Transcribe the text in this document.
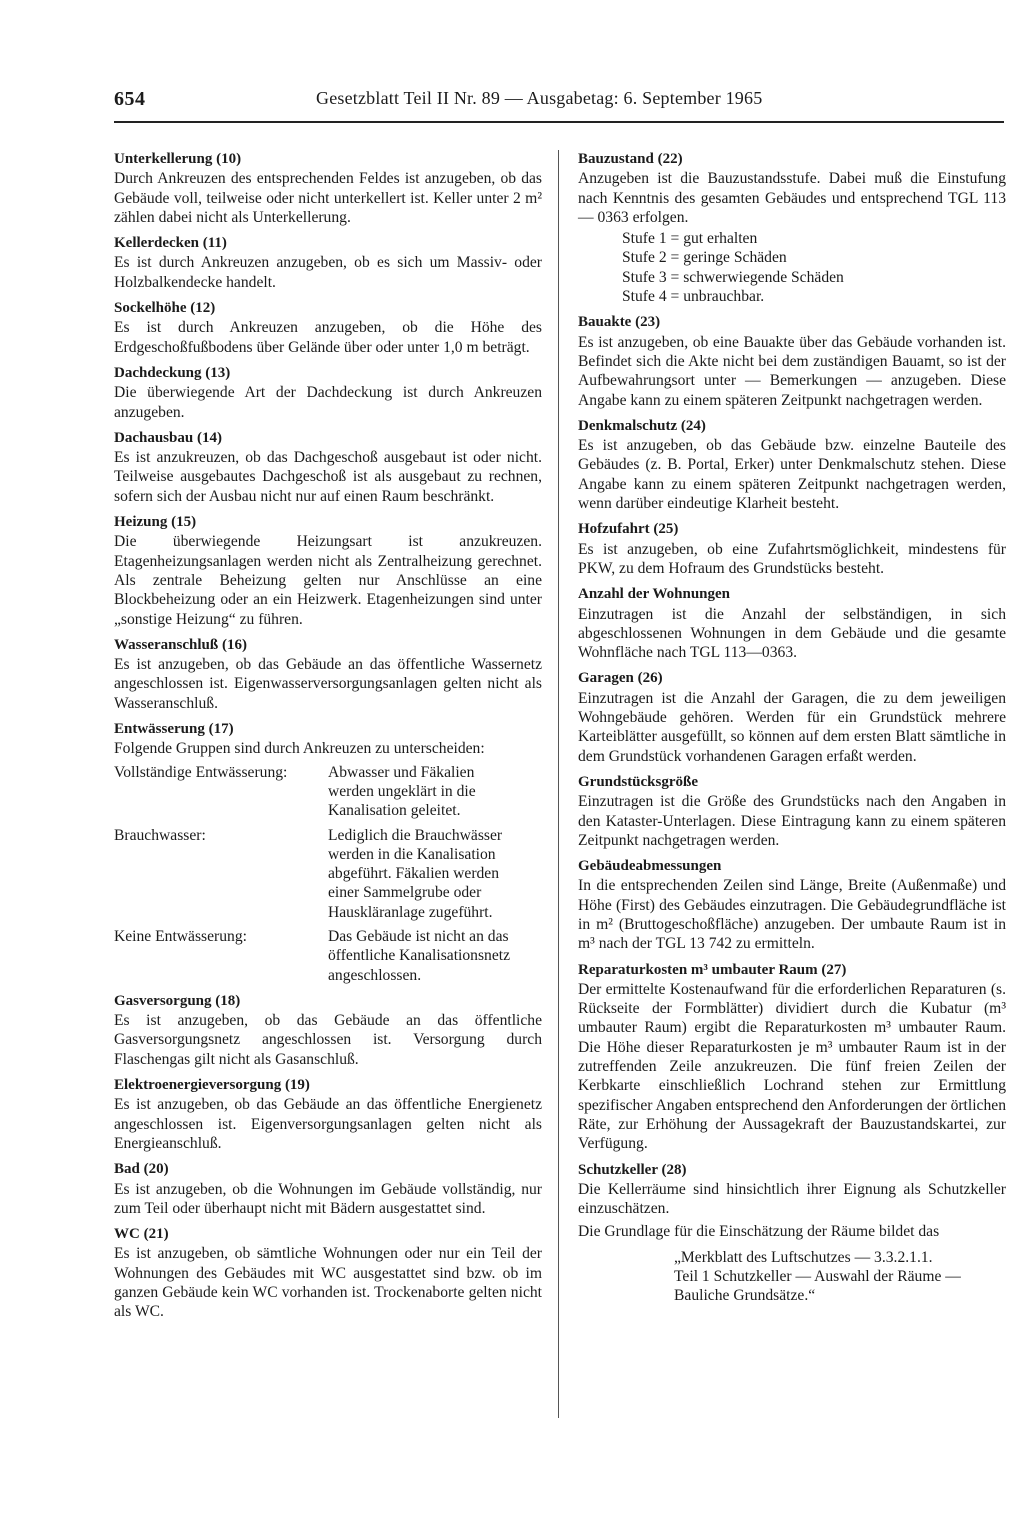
654	Gesetzblatt Teil II Nr. 89 — Ausgabetag: 6. September 1965

Unterkellerung (10)

Durch Ankreuzen des entsprechenden Feldes ist anzugeben, ob das Gebäude voll, teilweise oder nicht unterkellert ist. Keller unter 2 m² zählen dabei nicht als Unterkellerung.

Kellerdecken (11)

Es ist durch Ankreuzen anzugeben, ob es sich um Massiv- oder Holzbalkendecke handelt.

Sockelhöhe (12)

Es ist durch Ankreuzen anzugeben, ob die Höhe des Erdgeschoßfußbodens über Gelände über oder unter 1,0 m beträgt.

Dachdeckung (13)

Die überwiegende Art der Dachdeckung ist durch Ankreuzen anzugeben.

Dachausbau (14)

Es ist anzukreuzen, ob das Dachgeschoß ausgebaut ist oder nicht. Teilweise ausgebautes Dachgeschoß ist als ausgebaut zu rechnen, sofern sich der Ausbau nicht nur auf einen Raum beschränkt.

Heizung (15)

Die überwiegende Heizungsart ist anzukreuzen. Etagenheizungsanlagen werden nicht als Zentralheizung gerechnet. Als zentrale Beheizung gelten nur Anschlüsse an eine Blockbeheizung oder an ein Heizwerk. Etagenheizungen sind unter „sonstige Heizung“ zu führen.

Wasseranschluß (16)

Es ist anzugeben, ob das Gebäude an das öffentliche Wassernetz angeschlossen ist. Eigenwasserversorgungsanlagen gelten nicht als Wasseranschluß.

Entwässerung (17)

Folgende Gruppen sind durch Ankreuzen zu unterscheiden:

Vollständige Entwässerung:	Abwasser und Fäkalien werden ungeklärt in die Kanalisation geleitet.
Brauchwasser:	Lediglich die Brauchwässer werden in die Kanalisation abgeführt. Fäkalien werden einer Sammelgrube oder Hauskläranlage zugeführt.
Keine Entwässerung:	Das Gebäude ist nicht an das öffentliche Kanalisationsnetz angeschlossen.

Gasversorgung (18)

Es ist anzugeben, ob das Gebäude an das öffentliche Gasversorgungsnetz angeschlossen ist. Versorgung durch Flaschengas gilt nicht als Gasanschluß.

Elektroenergieversorgung (19)

Es ist anzugeben, ob das Gebäude an das öffentliche Energienetz angeschlossen ist. Eigenversorgungsanlagen gelten nicht als Energieanschluß.

Bad (20)

Es ist anzugeben, ob die Wohnungen im Gebäude vollständig, nur zum Teil oder überhaupt nicht mit Bädern ausgestattet sind.

WC (21)

Es ist anzugeben, ob sämtliche Wohnungen oder nur ein Teil der Wohnungen des Gebäudes mit WC ausgestattet sind bzw. ob im ganzen Gebäude kein WC vorhanden ist. Trockenaborte gelten nicht als WC.

Bauzustand (22)

Anzugeben ist die Bauzustandsstufe. Dabei muß die Einstufung nach Kenntnis des gesamten Gebäudes und entsprechend TGL 113 — 0363 erfolgen.

Stufe 1 = gut erhalten

Stufe 2 = geringe Schäden

Stufe 3 = schwerwiegende Schäden

Stufe 4 = unbrauchbar.

Bauakte (23)

Es ist anzugeben, ob eine Bauakte über das Gebäude vorhanden ist. Befindet sich die Akte nicht bei dem zuständigen Bauamt, so ist der Aufbewahrungsort unter — Bemerkungen — anzugeben. Diese Angabe kann zu einem späteren Zeitpunkt nachgetragen werden.

Denkmalschutz (24)

Es ist anzugeben, ob das Gebäude bzw. einzelne Bauteile des Gebäudes (z. B. Portal, Erker) unter Denkmalschutz stehen. Diese Angabe kann zu einem späteren Zeitpunkt nachgetragen werden, wenn darüber eindeutige Klarheit besteht.

Hofzufahrt (25)

Es ist anzugeben, ob eine Zufahrtsmöglichkeit, mindestens für PKW, zu dem Hofraum des Grundstücks besteht.

Anzahl der Wohnungen

Einzutragen ist die Anzahl der selbständigen, in sich abgeschlossenen Wohnungen in dem Gebäude und die gesamte Wohnfläche nach TGL 113—0363.

Garagen (26)

Einzutragen ist die Anzahl der Garagen, die zu dem jeweiligen Wohngebäude gehören. Werden für ein Grundstück mehrere Karteiblätter ausgefüllt, so können auf dem ersten Blatt sämtliche in dem Grundstück vorhandenen Garagen erfaßt werden.

Grundstücksgröße

Einzutragen ist die Größe des Grundstücks nach den Angaben in den Kataster-Unterlagen. Diese Eintragung kann zu einem späteren Zeitpunkt nachgetragen werden.

Gebäudeabmessungen

In die entsprechenden Zeilen sind Länge, Breite (Außenmaße) und Höhe (First) des Gebäudes einzutragen. Die Gebäudegrundfläche ist in m² (Bruttogeschoßfläche) anzugeben. Der umbaute Raum ist in m³ nach der TGL 13 742 zu ermitteln.

Reparaturkosten m³ umbauter Raum (27)

Der ermittelte Kostenaufwand für die erforderlichen Reparaturen (s. Rückseite der Formblätter) dividiert durch die Kubatur (m³ umbauter Raum) ergibt die Reparaturkosten m³ umbauter Raum. Die Höhe dieser Reparaturkosten je m³ umbauter Raum ist in der zutreffenden Zeile anzukreuzen. Die fünf freien Zeilen der Kerbkarte einschließlich Lochrand stehen zur Ermittlung spezifischer Angaben entsprechend den Anforderungen der örtlichen Räte, zur Erhöhung der Aussagekraft der Bauzustandskartei, zur Verfügung.

Schutzkeller (28)

Die Kellerräume sind hinsichtlich ihrer Eignung als Schutzkeller einzuschätzen.

Die Grundlage für die Einschätzung der Räume bildet das

„Merkblatt des Luftschutzes — 3.3.2.1.1.

Teil 1 Schutzkeller — Auswahl der Räume —

Bauliche Grundsätze.“
